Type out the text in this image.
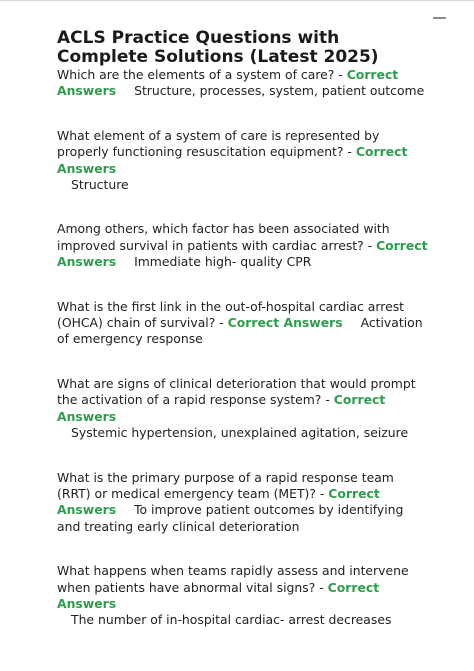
ACLS Practice Questions with Complete Solutions (Latest 2025)

Which are the elements of a system of care? - Correct Answers Structure, processes, system, patient outcome

What element of a system of care is represented by properly functioning resuscitation equipment? - Correct Answers
Structure

Among others, which factor has been associated with improved survival in patients with cardiac arrest? - Correct Answers Immediate high- quality CPR

What is the first link in the out-of-hospital cardiac arrest (OHCA) chain of survival? - Correct Answers Activation of emergency response

What are signs of clinical deterioration that would prompt the activation of a rapid response system? - Correct Answers
Systemic hypertension, unexplained agitation, seizure

What is the primary purpose of a rapid response team (RRT) or medical emergency team (MET)? - Correct Answers To improve patient outcomes by identifying and treating early clinical deterioration

What happens when teams rapidly assess and intervene when patients have abnormal vital signs? - Correct Answers
The number of in-hospital cardiac- arrest decreases
